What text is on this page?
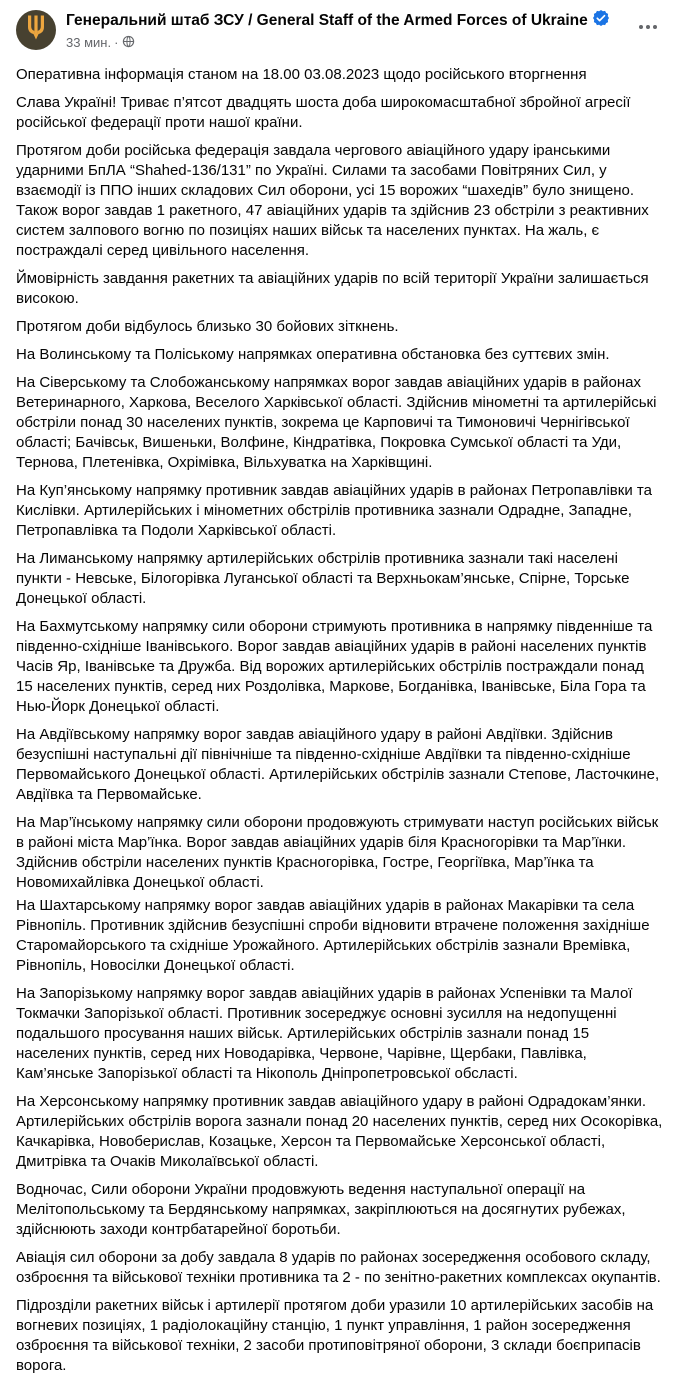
Генеральний штаб ЗСУ / General Staff of the Armed Forces of Ukraine
33 мин. ·

Оперативна інформація станом на 18.00 03.08.2023 щодо російського вторгнення

Слава Україні! Триває п’ятсот двадцять шоста доба широкомасштабної збройної агресії російської федерації проти нашої країни.

Протягом доби російська федерація завдала чергового авіаційного удару іранськими ударними БпЛА “Shahed-136/131” по Україні. Силами та засобами Повітряних Сил, у взаємодії із ППО інших складових Сил оборони, усі 15 ворожих “шахедів” було знищено. Також ворог завдав 1 ракетного, 47 авіаційних ударів та здійснив 23 обстріли з реактивних систем залпового вогню по позиціях наших військ та населених пунктах. На жаль, є постраждалі серед цивільного населення.

Ймовірність завдання ракетних та авіаційних ударів по всій території України залишається високою.

Протягом доби відбулось близько 30 бойових зіткнень.

На Волинському та Поліському напрямках оперативна обстановка без суттєвих змін.

На Сіверському та Слобожанському напрямках ворог завдав авіаційних ударів в районах Ветеринарного, Харкова, Веселого Харківської області. Здійснив мінометні та артилерійські обстріли понад 30 населених пунктів, зокрема це Карповичі та Тимоновичі Чернігівської області; Бачівськ, Вишеньки, Волфине, Кіндратівка, Покровка Сумської області та Уди, Тернова, Плетенівка, Охрімівка, Вільхуватка на Харківщині.

На Куп’янському напрямку противник завдав авіаційних ударів в районах Петропавлівки та Кислівки. Артилерійських і мінометних обстрілів противника зазнали Одрадне, Западне, Петропавлівка та Подоли Харківської області.

На Лиманському напрямку артилерійських обстрілів противника зазнали такі населені пункти - Невське, Білогорівка Луганської області та Верхньокам’янське, Спірне, Торське Донецької області.

На Бахмутському напрямку сили оборони стримують противника в напрямку південніше та південно-східніше Іванівського. Ворог завдав авіаційних ударів в районі населених пунктів Часів Яр, Іванівське та Дружба. Від ворожих артилерійських обстрілів постраждали понад 15 населених пунктів, серед них Роздолівка, Маркове, Богданівка, Іванівське, Біла Гора та Нью-Йорк Донецької області.

На Авдіївському напрямку ворог завдав авіаційного удару в районі Авдіївки. Здійснив безуспішні наступальні дії північніше та південно-східніше Авдіївки та південно-східніше Первомайського Донецької області. Артилерійських обстрілів зазнали Степове, Ласточкине, Авдіївка та Первомайське.

На Мар’їнському напрямку сили оборони продовжують стримувати наступ російських військ в районі міста Мар’їнка. Ворог завдав авіаційних ударів біля Красногорівки та Мар’їнки. Здійснив обстріли населених пунктів Красногорівка, Гостре, Георгіївка, Мар’їнка та Новомихайлівка Донецької області.

На Шахтарському напрямку ворог завдав авіаційних ударів в районах Макарівки та села Рівнопіль. Противник здійснив безуспішні спроби відновити втрачене положення західніше Старомайорського та східніше Урожайного. Артилерійських обстрілів зазнали Времівка, Рівнопіль, Новосілки Донецької області.

На Запорізькому напрямку ворог завдав авіаційних ударів в районах Успенівки та Малої Токмачки Запорізької області. Противник зосереджує основні зусилля на недопущенні подальшого просування наших військ. Артилерійських обстрілів зазнали понад 15 населених пунктів, серед них Новодарівка, Червоне, Чарівне, Щербаки, Павлівка, Кам’янське Запорізької області та Нікополь Дніпропетровської обсласті.

На Херсонському напрямку противник завдав авіаційного удару в районі Одрадокам’янки. Артилерійських обстрілів ворога зазнали понад 20 населених пунктів, серед них Осокорівка, Качкарівка, Новоберислав, Козацьке, Херсон та Первомайське Херсонської області, Дмитрівка та Очаків Миколаївської області.

Водночас, Сили оборони України продовжують ведення наступальної операції на Мелітопольському та Бердянському напрямках, закріплюються на досягнутих рубежах, здійснюють заходи контрбатарейної боротьби.

Авіація сил оборони за добу завдала 8 ударів по районах зосередження особового складу, озброєння та військової техніки противника та 2 - по зенітно-ракетних комплексах окупантів.

Підрозділи ракетних військ і артилерії протягом доби уразили 10 артилерійських засобів на вогневих позиціях, 1 радіолокаційну станцію, 1 пункт управління, 1 район зосередження озброєння та військової техніки, 2 засоби протиповітряної оборони, 3 склади боєприпасів ворога.
